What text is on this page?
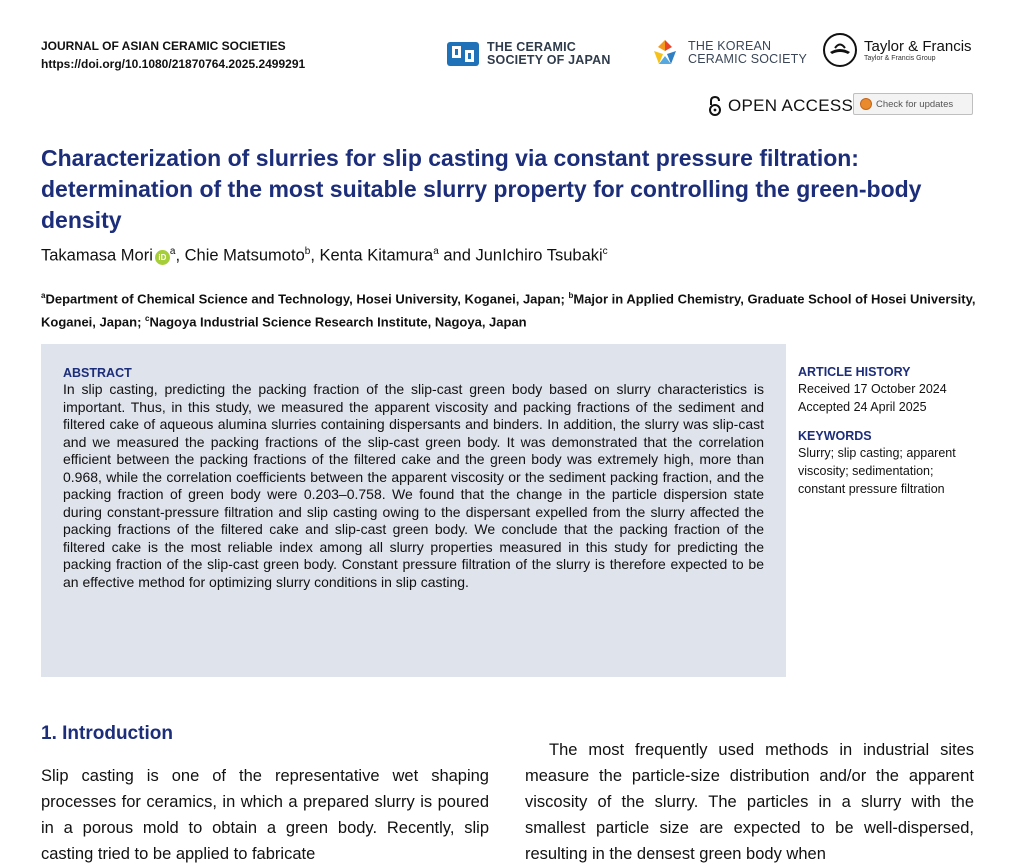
JOURNAL OF ASIAN CERAMIC SOCIETIES
https://doi.org/10.1080/21870764.2025.2499291
THE CERAMIC
SOCIETY OF JAPAN
THE KOREAN
CERAMIC SOCIETY
Taylor & Francis
Taylor & Francis Group
OPEN ACCESS Check for updates
Characterization of slurries for slip casting via constant pressure filtration: determination of the most suitable slurry property for controlling the green-body density
Takamasa Mori iD $^a$, Chie Matsumoto$^b$, Kenta Kitamura$^a$ and JunIchiro Tsubaki$^c$
$^a$Department of Chemical Science and Technology, Hosei University, Koganei, Japan; $^b$Major in Applied Chemistry, Graduate School of Hosei University, Koganei, Japan; $^c$Nagoya Industrial Science Research Institute, Nagoya, Japan
ABSTRACT

In slip casting, predicting the packing fraction of the slip-cast green body based on slurry characteristics is important. Thus, in this study, we measured the apparent viscosity and packing fractions of the sediment and filtered cake of aqueous alumina slurries containing dispersants and binders. In addition, the slurry was slip-cast and we measured the packing fractions of the slip-cast green body. It was demonstrated that the correlation efficient between the packing fractions of the filtered cake and the green body was extremely high, more than 0.968, while the correlation coefficients between the apparent viscosity or the sediment packing fraction, and the packing fraction of green body were 0.203–0.758. We found that the change in the particle dispersion state during constant-pressure filtration and slip casting owing to the dispersant expelled from the slurry affected the packing fractions of the filtered cake and slip-cast green body. We conclude that the packing fraction of the filtered cake is the most reliable index among all slurry properties measured in this study for predicting the packing fraction of the slip-cast green body. Constant pressure filtration of the slurry is therefore expected to be an effective method for optimizing slurry conditions in slip casting.

ARTICLE HISTORY
Received 17 October 2024
Accepted 24 April 2025
KEYWORDS
Slurry; slip casting; apparent viscosity; sedimentation; constant pressure filtration
1. Introduction

Slip casting is one of the representative wet shaping processes for ceramics, in which a prepared slurry is poured in a porous mold to obtain a green body. Recently, slip casting tried to be applied to fabricate

The most frequently used methods in industrial sites measure the particle-size distribution and/or the apparent viscosity of the slurry. The particles in a slurry with the smallest particle size are expected to be well-dispersed, resulting in the densest green body when
